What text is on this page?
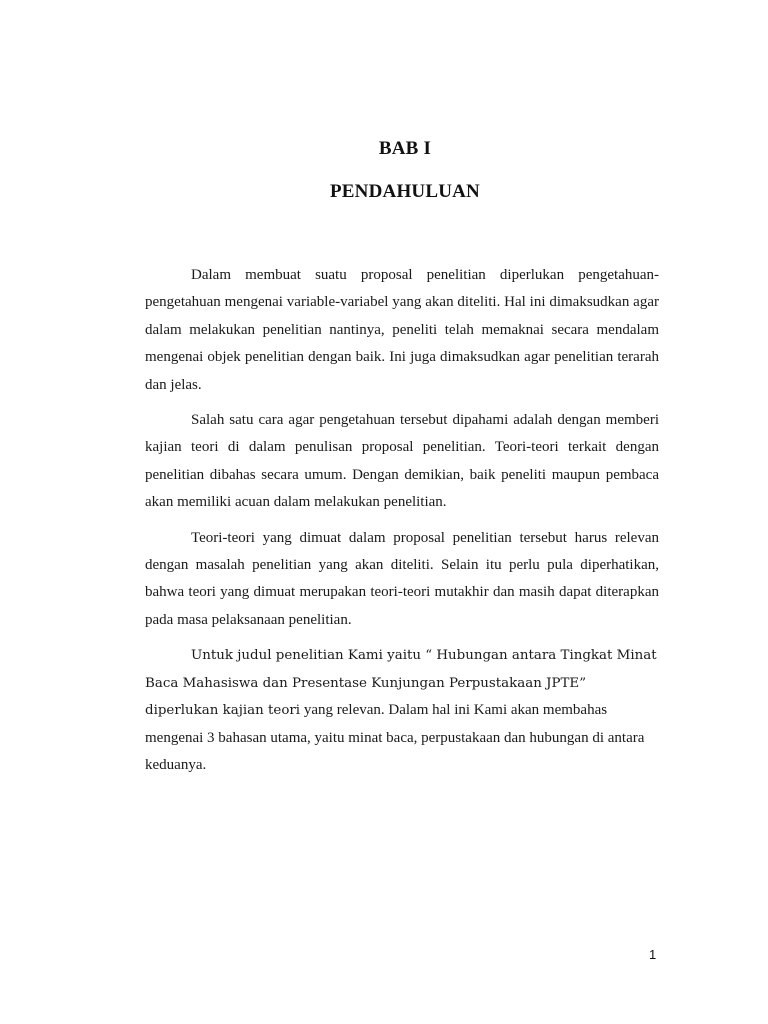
BAB I
PENDAHULUAN

Dalam membuat suatu proposal penelitian diperlukan pengetahuan-pengetahuan mengenai variable-variabel yang akan diteliti. Hal ini dimaksudkan agar dalam melakukan penelitian nantinya, peneliti telah memaknai secara mendalam mengenai objek penelitian dengan baik. Ini juga dimaksudkan agar penelitian terarah dan jelas.

Salah satu cara agar pengetahuan tersebut dipahami adalah dengan memberi kajian teori di dalam penulisan proposal penelitian. Teori-teori terkait dengan penelitian dibahas secara umum. Dengan demikian, baik peneliti maupun pembaca akan memiliki acuan dalam melakukan penelitian.

Teori-teori yang dimuat dalam proposal penelitian tersebut harus relevan dengan masalah penelitian yang akan diteliti. Selain itu perlu pula diperhatikan, bahwa teori yang dimuat merupakan teori-teori mutakhir dan masih dapat diterapkan pada masa pelaksanaan penelitian.

Untuk judul penelitian Kami yaitu “ Hubungan antara Tingkat Minat Baca Mahasiswa dan Presentase Kunjungan Perpustakaan JPTE” diperlukan kajian teori yang relevan. Dalam hal ini Kami akan membahas mengenai 3 bahasan utama, yaitu minat baca, perpustakaan dan hubungan di antara keduanya.

1
